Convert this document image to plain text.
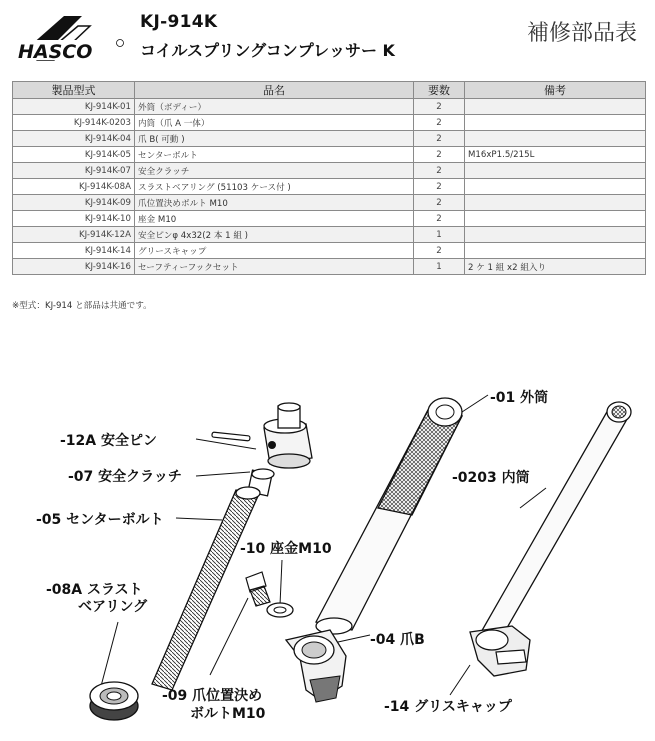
HASCO
KJ-914K
コイルスプリングコンプレッサー K
補修部品表
製品型式	品名	要数	備考
KJ-914K-01	外筒（ボディー）	2	
KJ-914K-0203	内筒（爪 A 一体）	2	
KJ-914K-04	爪 B( 可動 )	2	
KJ-914K-05	センターボルト	2	M16xP1.5/215L
KJ-914K-07	安全クラッチ	2	
KJ-914K-08A	スラストベアリング (51103 ケース付 )	2	
KJ-914K-09	爪位置決めボルト M10	2	
KJ-914K-10	座金 M10	2	
KJ-914K-12A	安全ピンφ 4x32(2 本 1 組 )	1	
KJ-914K-14	グリースキャップ	2	
KJ-914K-16	セーフティーフックセット	1	2 ケ 1 組 x2 組入り
※型式：KJ-914 と部品は共通です。
-12A 安全ピン
-07 安全クラッチ
-05 センターボルト
-08A スラスト
ベアリング
-10 座金M10
-09 爪位置決め
ボルトM10
-01 外筒
-0203 内筒
-04 爪B
-14 グリスキャップ
